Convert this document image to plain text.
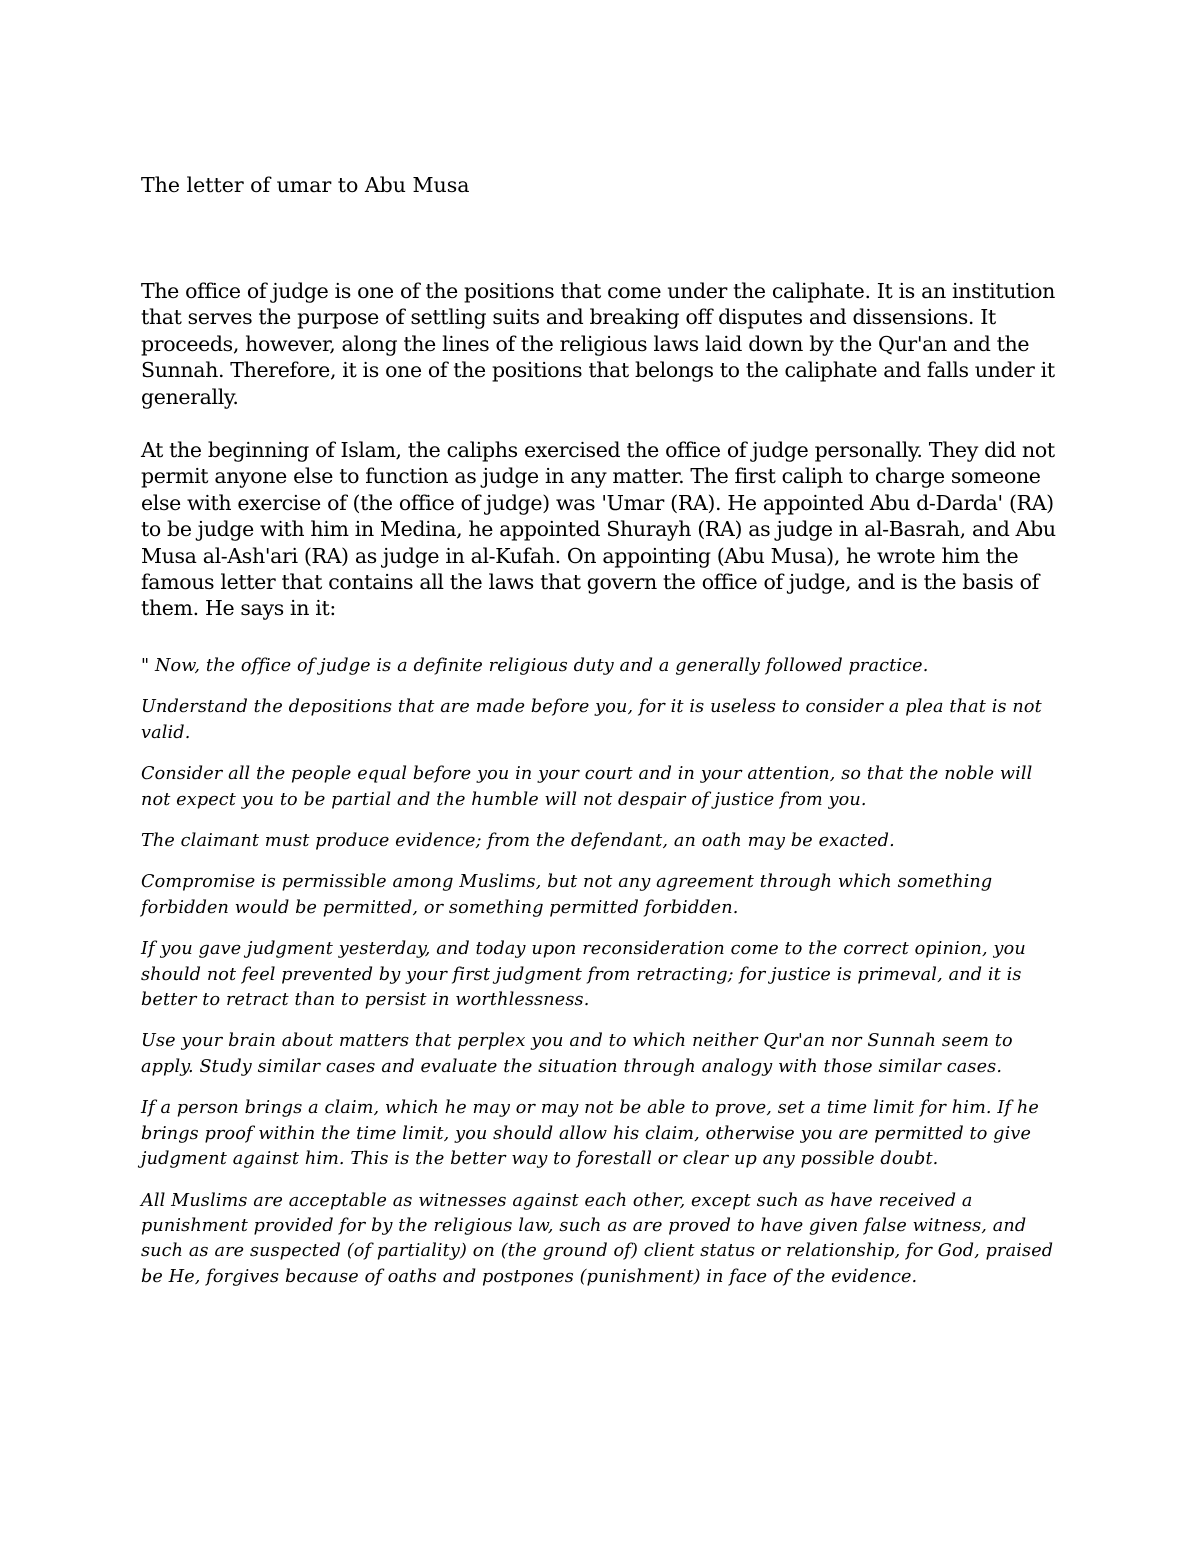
The letter of umar to Abu Musa

The office of judge is one of the positions that come under the caliphate. It is an institution that serves the purpose of settling suits and breaking off disputes and dissensions. It proceeds, however, along the lines of the religious laws laid down by the Qur'an and the Sunnah. Therefore, it is one of the positions that belongs to the caliphate and falls under it generally.

At the beginning of Islam, the caliphs exercised the office of judge personally. They did not permit anyone else to function as judge in any matter. The first caliph to charge someone else with exercise of (the office of judge) was 'Umar (RA). He appointed Abu d-Darda' (RA) to be judge with him in Medina, he appointed Shurayh (RA) as judge in al-Basrah, and Abu Musa al-Ash'ari (RA) as judge in al-Kufah. On appointing (Abu Musa), he wrote him the famous letter that contains all the laws that govern the office of judge, and is the basis of them. He says in it:

" Now, the office of judge is a definite religious duty and a generally followed practice.

Understand the depositions that are made before you, for it is useless to consider a plea that is not valid.

Consider all the people equal before you in your court and in your attention, so that the noble will not expect you to be partial and the humble will not despair of justice from you.

The claimant must produce evidence; from the defendant, an oath may be exacted.

Compromise is permissible among Muslims, but not any agreement through which something forbidden would be permitted, or something permitted forbidden.

If you gave judgment yesterday, and today upon reconsideration come to the correct opinion, you should not feel prevented by your first judgment from retracting; for justice is primeval, and it is better to retract than to persist in worthlessness.

Use your brain about matters that perplex you and to which neither Qur'an nor Sunnah seem to apply. Study similar cases and evaluate the situation through analogy with those similar cases.

If a person brings a claim, which he may or may not be able to prove, set a time limit for him. If he brings proof within the time limit, you should allow his claim, otherwise you are permitted to give judgment against him. This is the better way to forestall or clear up any possible doubt.

All Muslims are acceptable as witnesses against each other, except such as have received a punishment provided for by the religious law, such as are proved to have given false witness, and such as are suspected (of partiality) on (the ground of) client status or relationship, for God, praised be He, forgives because of oaths and postpones (punishment) in face of the evidence.
